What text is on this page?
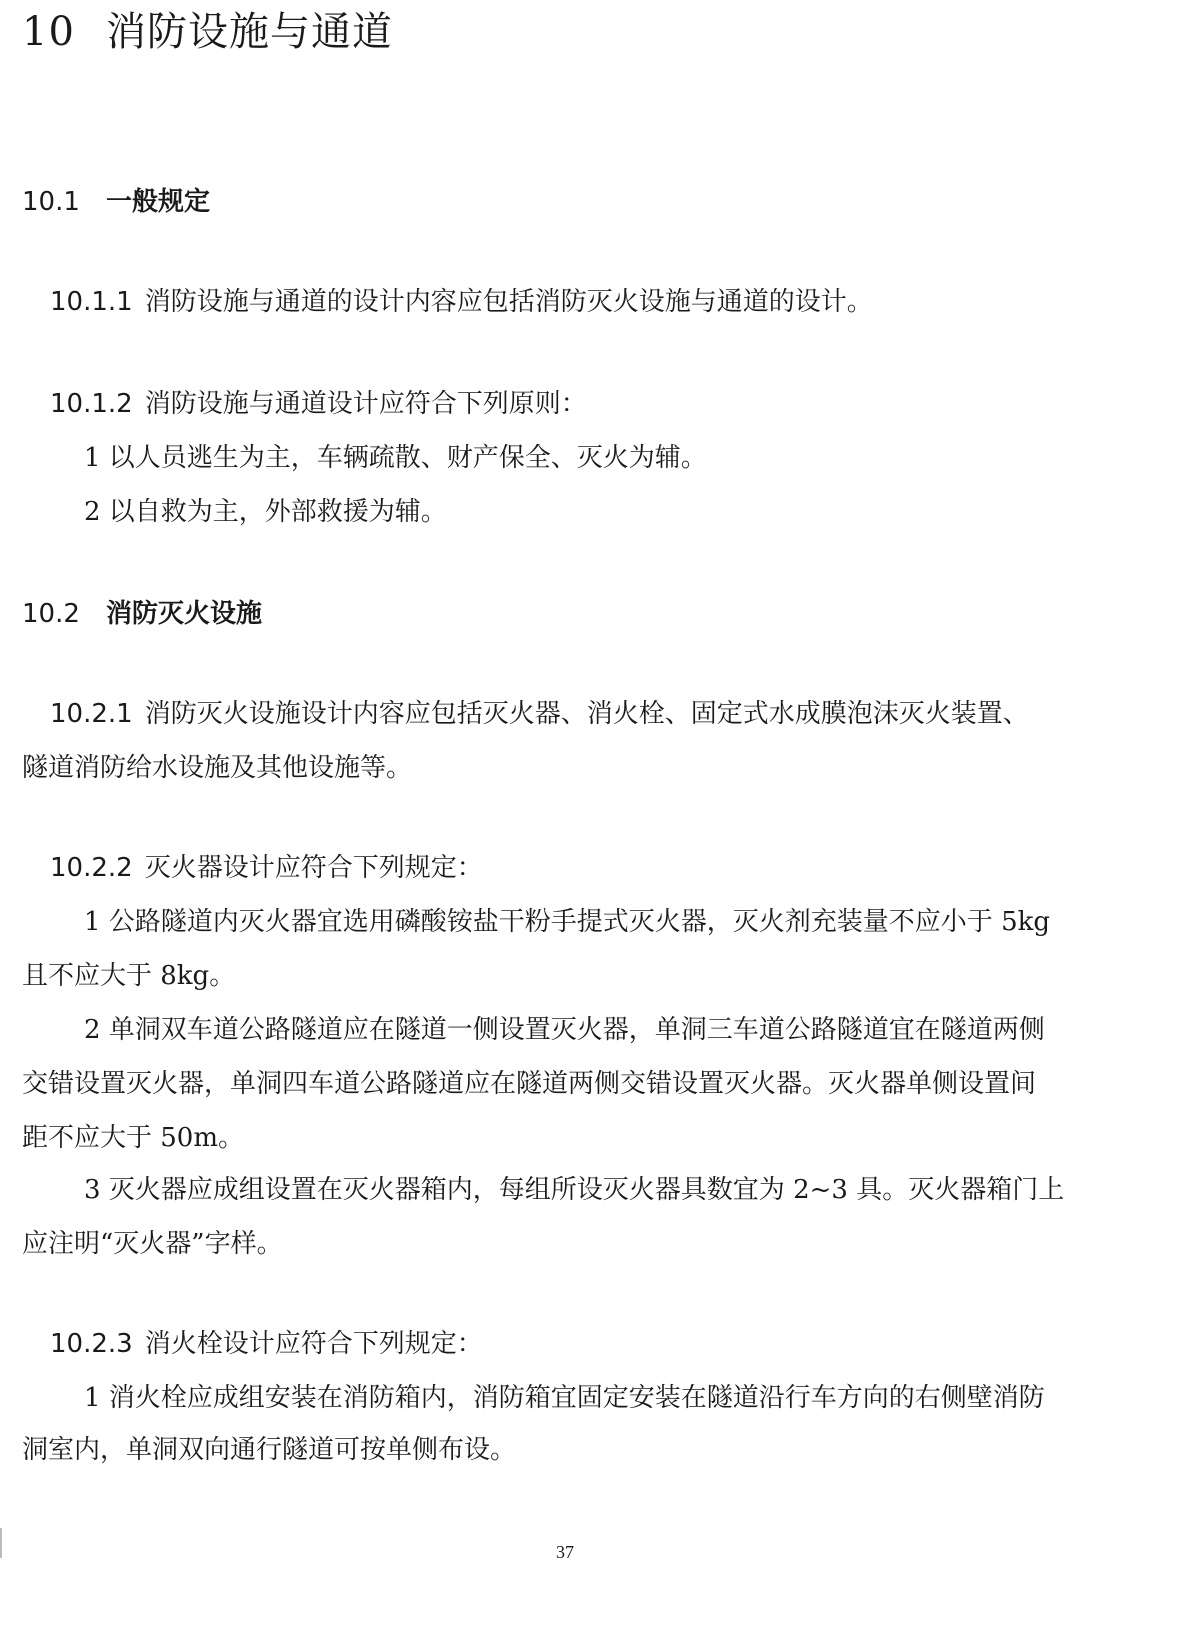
10 消防设施与通道
10.1 一般规定
10.1.1 消防设施与通道的设计内容应包括消防灭火设施与通道的设计。
10.1.2 消防设施与通道设计应符合下列原则：
1 以人员逃生为主，车辆疏散、财产保全、灭火为辅。
2 以自救为主，外部救援为辅。
10.2 消防灭火设施
10.2.1 消防灭火设施设计内容应包括灭火器、消火栓、固定式水成膜泡沫灭火装置、
隧道消防给水设施及其他设施等。
10.2.2 灭火器设计应符合下列规定：
1 公路隧道内灭火器宜选用磷酸铵盐干粉手提式灭火器，灭火剂充装量不应小于 5kg
且不应大于 8kg。
2 单洞双车道公路隧道应在隧道一侧设置灭火器，单洞三车道公路隧道宜在隧道两侧
交错设置灭火器，单洞四车道公路隧道应在隧道两侧交错设置灭火器。灭火器单侧设置间
距不应大于 50m。
3 灭火器应成组设置在灭火器箱内，每组所设灭火器具数宜为 2~3 具。灭火器箱门上
应注明“灭火器”字样。
10.2.3 消火栓设计应符合下列规定：
1 消火栓应成组安装在消防箱内，消防箱宜固定安装在隧道沿行车方向的右侧壁消防
洞室内，单洞双向通行隧道可按单侧布设。
37
